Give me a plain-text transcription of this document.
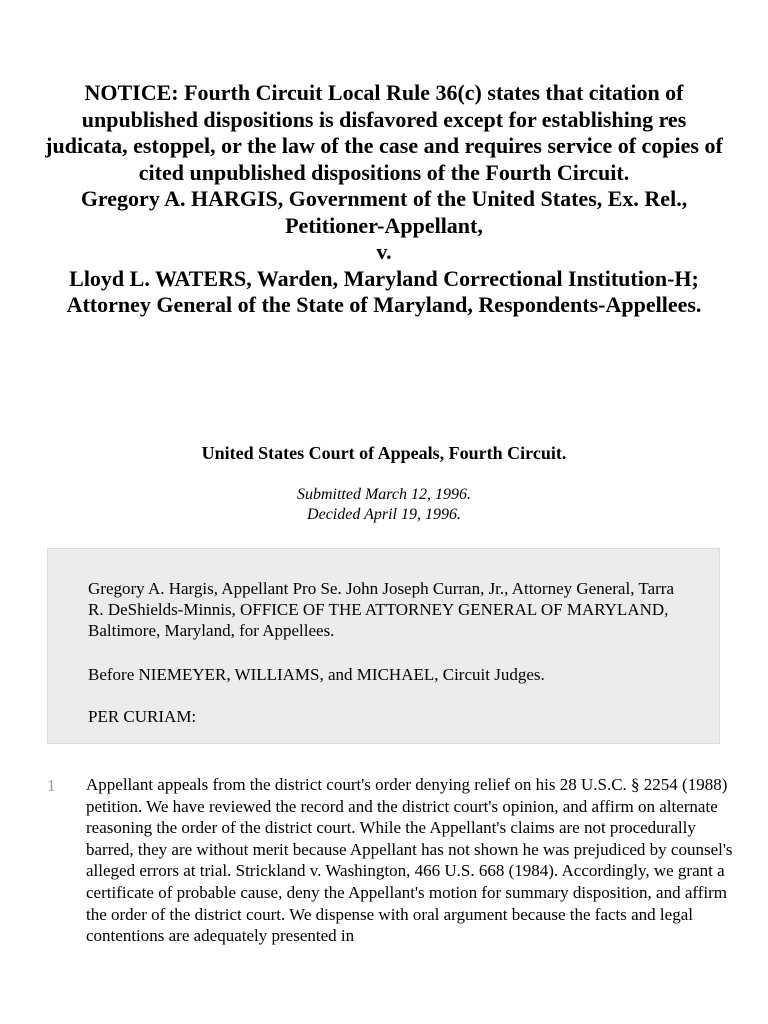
NOTICE: Fourth Circuit Local Rule 36(c) states that citation of unpublished dispositions is disfavored except for establishing res judicata, estoppel, or the law of the case and requires service of copies of cited unpublished dispositions of the Fourth Circuit.

Gregory A. HARGIS, Government of the United States, Ex. Rel., Petitioner-Appellant,

v.

Lloyd L. WATERS, Warden, Maryland Correctional Institution-H; Attorney General of the State of Maryland, Respondents-Appellees.

United States Court of Appeals, Fourth Circuit.
Submitted March 12, 1996.
Decided April 19, 1996.

Gregory A. Hargis, Appellant Pro Se. John Joseph Curran, Jr., Attorney General, Tarra R. DeShields-Minnis, OFFICE OF THE ATTORNEY GENERAL OF MARYLAND, Baltimore, Maryland, for Appellees.

Before NIEMEYER, WILLIAMS, and MICHAEL, Circuit Judges.

PER CURIAM:

1 Appellant appeals from the district court's order denying relief on his 28 U.S.C. § 2254 (1988) petition. We have reviewed the record and the district court's opinion, and affirm on alternate reasoning the order of the district court. While the Appellant's claims are not procedurally barred, they are without merit because Appellant has not shown he was prejudiced by counsel's alleged errors at trial. Strickland v. Washington, 466 U.S. 668 (1984). Accordingly, we grant a certificate of probable cause, deny the Appellant's motion for summary disposition, and affirm the order of the district court. We dispense with oral argument because the facts and legal contentions are adequately presented in
